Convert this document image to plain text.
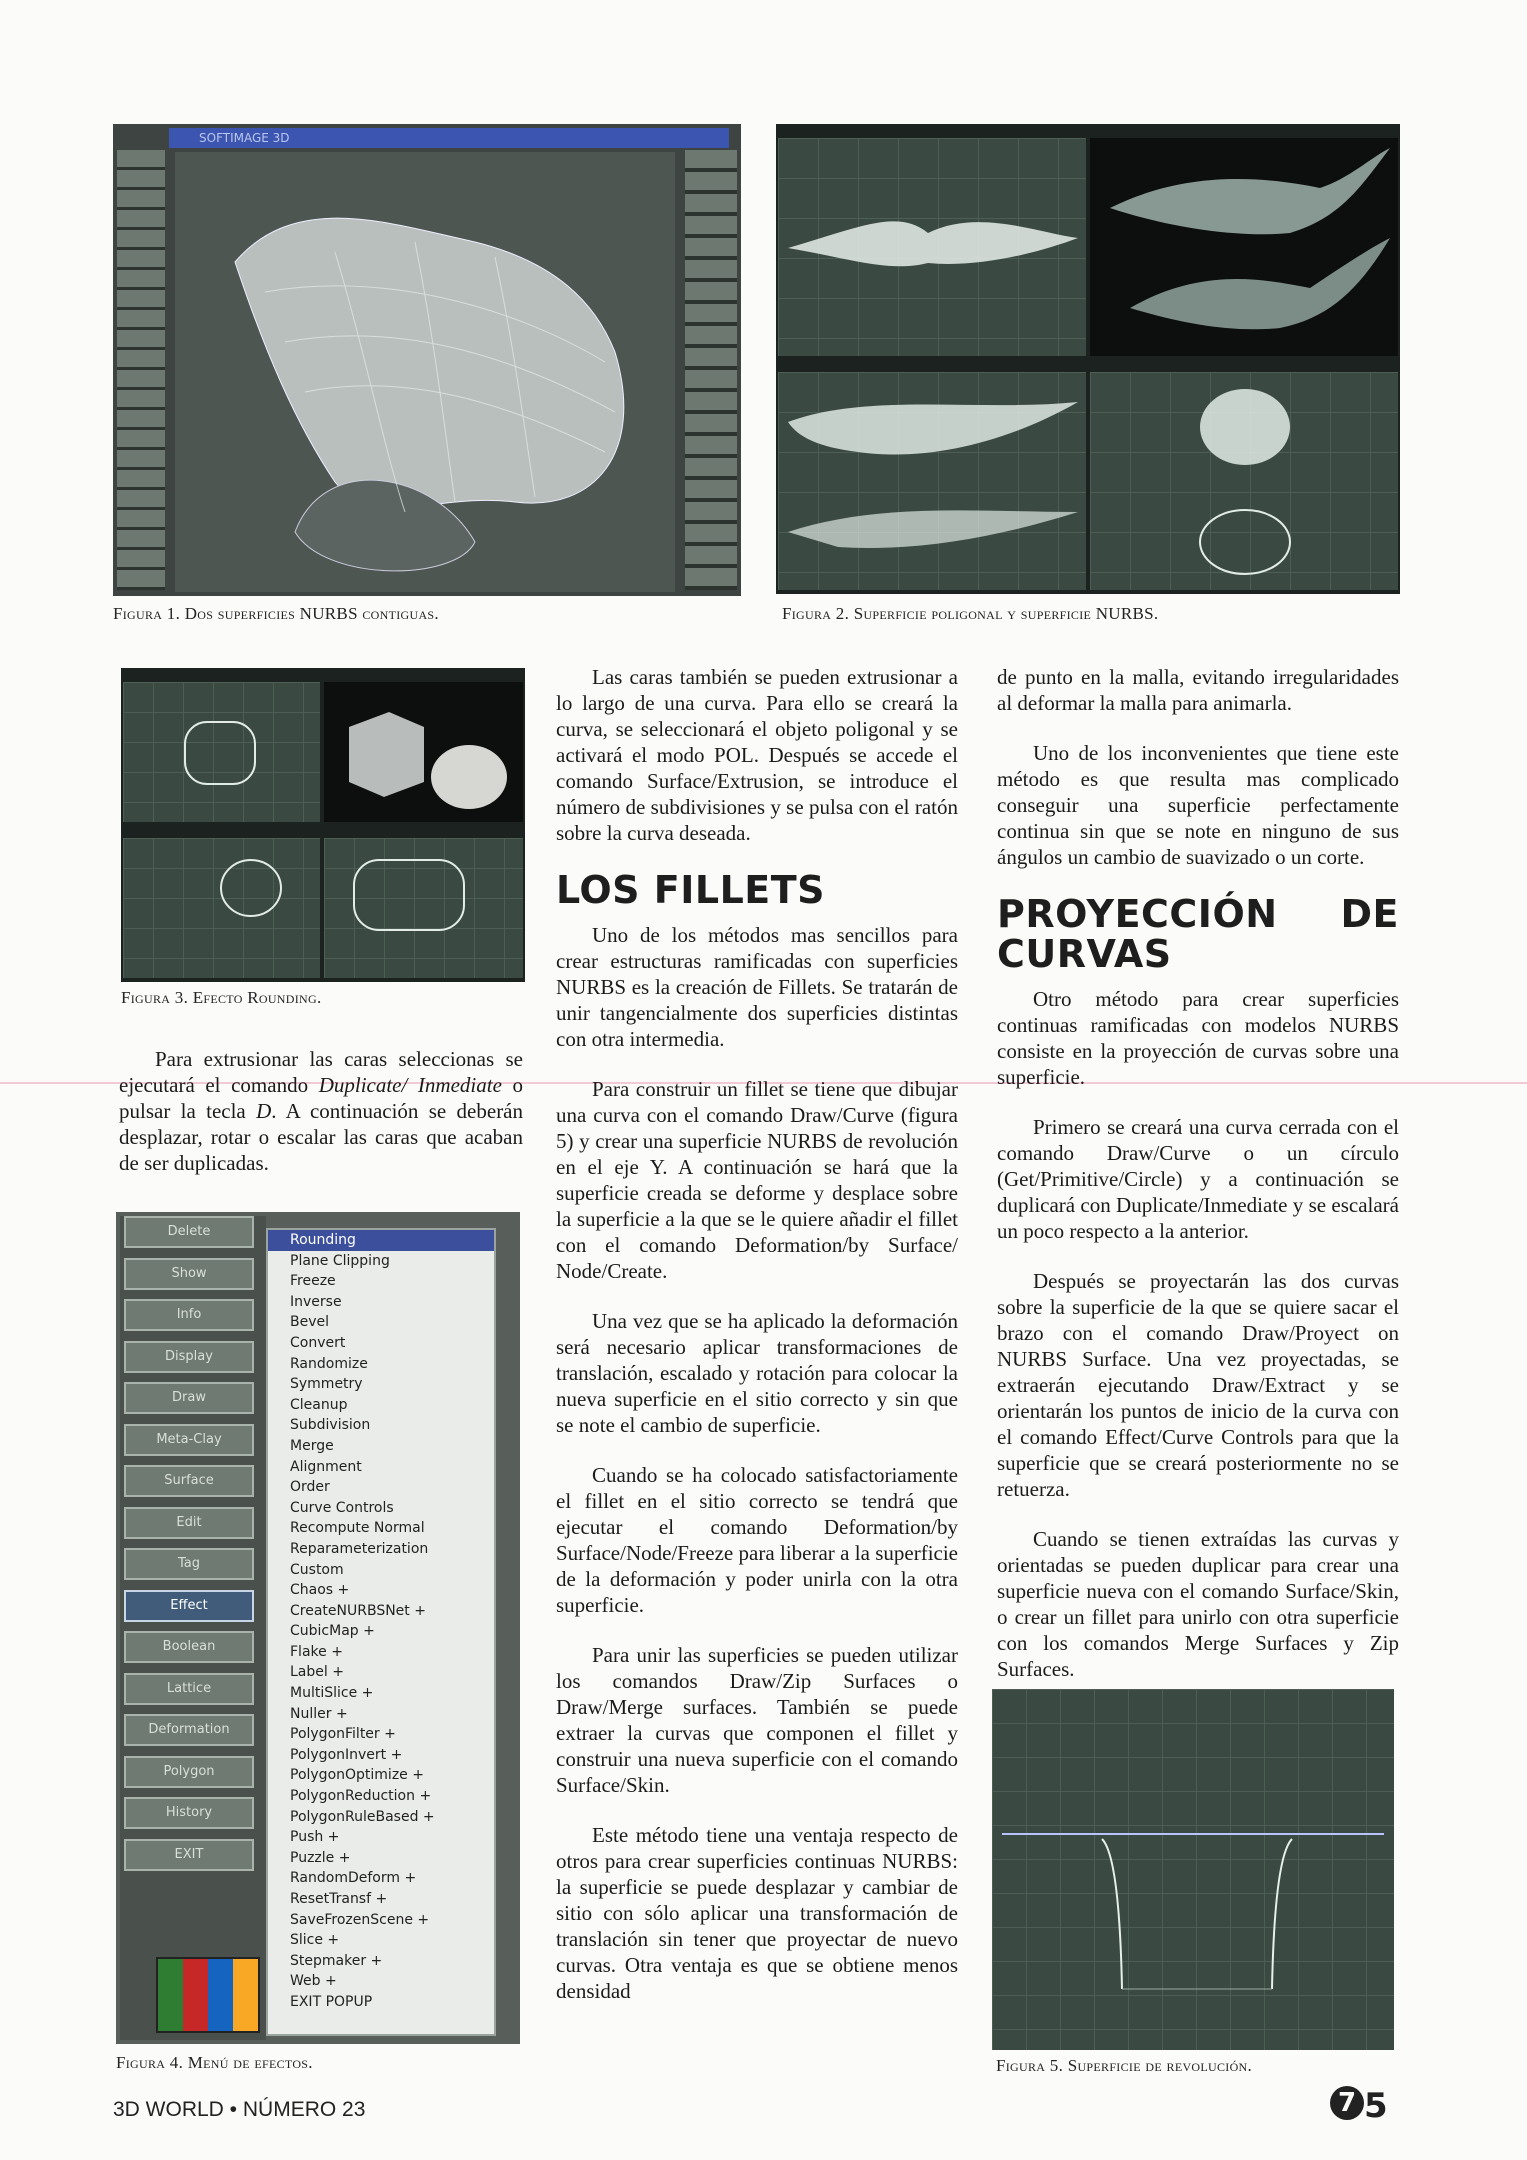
SOFTIMAGE 3D
Figura 1. Dos superficies NURBS contiguas.	Figura 2. Superficie poligonal y superficie NURBS.
Figura 3. Efecto Rounding.
Delete
Show
Info
Display
Draw
Meta-Clay
Surface
Edit
Tag
Effect
Boolean
Lattice
Deformation
Polygon
History
EXIT
Rounding
Plane Clipping
Freeze
Inverse
Bevel
Convert
Randomize
Symmetry
Cleanup
Subdivision
Merge
Alignment
Order
Curve Controls
Recompute Normal
Reparameterization
Custom
Chaos +
CreateNURBSNet +
CubicMap +
Flake +
Label +
MultiSlice +
Nuller +
PolygonFilter +
PolygonInvert +
PolygonOptimize +
PolygonReduction +
PolygonRuleBased +
Push +
Puzzle +
RandomDeform +
ResetTransf +
SaveFrozenScene +
Slice +
Stepmaker +
Web +
EXIT POPUP
Figura 4. Menú de efectos.	Figura 5. Superficie de revolución.

Para extrusionar las caras seleccionas se ejecutará el comando Duplicate/ Inmediate o pulsar la tecla D. A continuación se deberán desplazar, rotar o escalar las caras que acaban de ser duplicadas.

Las caras también se pueden extrusionar a lo largo de una curva. Para ello se creará la curva, se seleccionará el objeto poligonal y se activará el modo POL. Después se accede el comando Surface/Extrusion, se introduce el número de subdivisiones y se pulsa con el ratón sobre la curva deseada.

LOS FILLETS

Uno de los métodos mas sencillos para crear estructuras ramificadas con superficies NURBS es la creación de Fillets. Se tratarán de unir tangencialmente dos superficies distintas con otra intermedia.

Para construir un fillet se tiene que dibujar una curva con el comando Draw/Curve (figura 5) y crear una superficie NURBS de revolución en el eje Y. A continuación se hará que la superficie creada se deforme y desplace sobre la superficie a la que se le quiere añadir el fillet con el comando Deformation/by Surface/ Node/Create.

Una vez que se ha aplicado la deformación será necesario aplicar transformaciones de translación, escalado y rotación para colocar la nueva superficie en el sitio correcto y sin que se note el cambio de superficie.

Cuando se ha colocado satisfactoriamente el fillet en el sitio correcto se tendrá que ejecutar el comando Deformation/by Surface/Node/Freeze para liberar a la superficie de la deformación y poder unirla con la otra superficie.

Para unir las superficies se pueden utilizar los comandos Draw/Zip Surfaces o Draw/Merge surfaces. También se puede extraer la curvas que componen el fillet y construir una nueva superficie con el comando Surface/Skin.

Este método tiene una ventaja respecto de otros para crear superficies continuas NURBS: la superficie se puede desplazar y cambiar de sitio con sólo aplicar una transformación de translación sin tener que proyectar de nuevo curvas. Otra ventaja es que se obtiene menos densidad

de punto en la malla, evitando irregularidades al deformar la malla para animarla.

Uno de los inconvenientes que tiene este método es que resulta mas complicado conseguir una superficie perfectamente continua sin que se note en ninguno de sus ángulos un cambio de suavizado o un corte.

PROYECCIÓN DE CURVAS

Otro método para crear superficies continuas ramificadas con modelos NURBS consiste en la proyección de curvas sobre una superficie.

Primero se creará una curva cerrada con el comando Draw/Curve o un círculo (Get/Primitive/Circle) y a continuación se duplicará con Duplicate/Inmediate y se escalará un poco respecto a la anterior.

Después se proyectarán las dos curvas sobre la superficie de la que se quiere sacar el brazo con el comando Draw/Proyect on NURBS Surface. Una vez proyectadas, se extraerán ejecutando Draw/Extract y se orientarán los puntos de inicio de la curva con el comando Effect/Curve Controls para que la superficie que se creará posteriormente no se retuerza.

Cuando se tienen extraídas las curvas y orientadas se pueden duplicar para crear una superficie nueva con el comando Surface/Skin, o crear un fillet para unirlo con otra superficie con los comandos Merge Surfaces y Zip Surfaces.

3D WORLD • NÚMERO 23	7 5
